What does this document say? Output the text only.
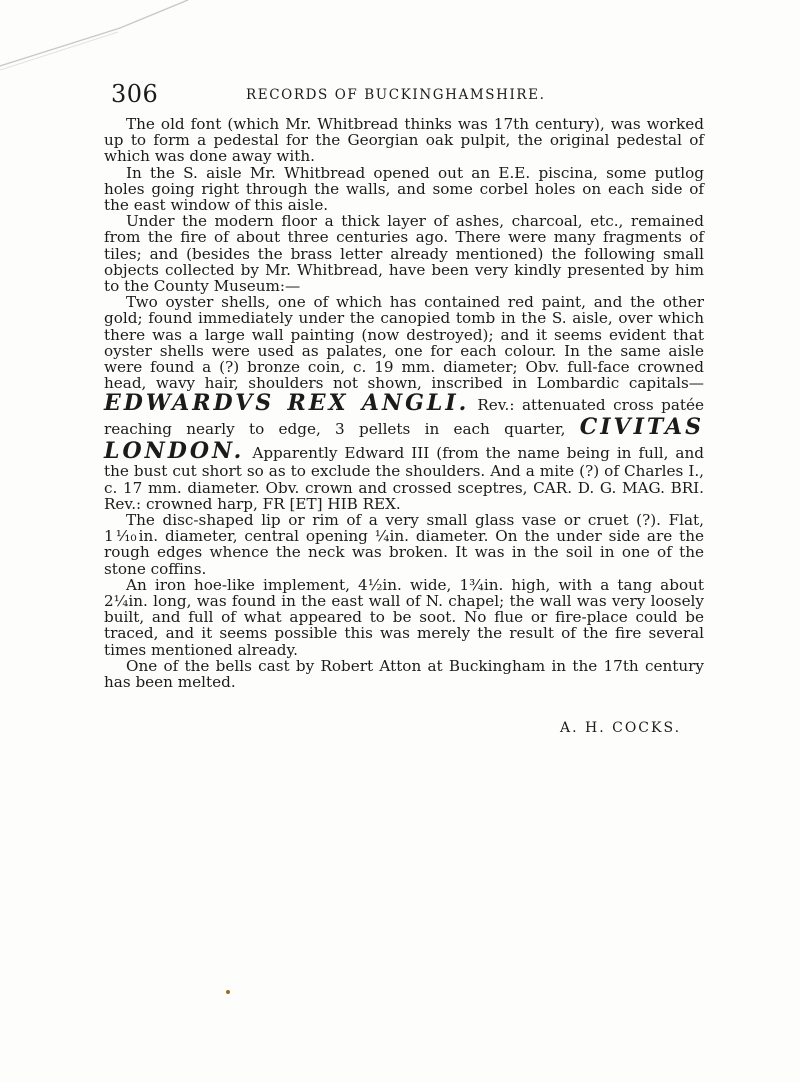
306	RECORDS OF BUCKINGHAMSHIRE.

The old font (which Mr. Whitbread thinks was 17th century), was worked up to form a pedestal for the Georgian oak pulpit, the original pedestal of which was done away with.

In the S. aisle Mr. Whitbread opened out an E.E. piscina, some putlog holes going right through the walls, and some corbel holes on each side of the east window of this aisle.

Under the modern floor a thick layer of ashes, charcoal, etc., remained from the fire of about three centuries ago. There were many fragments of tiles; and (besides the brass letter already mentioned) the following small objects collected by Mr. Whitbread, have been very kindly presented by him to the County Museum:—

Two oyster shells, one of which has contained red paint, and the other gold; found immediately under the canopied tomb in the S. aisle, over which there was a large wall painting (now destroyed); and it seems evident that oyster shells were used as palates, one for each colour. In the same aisle were found a (?) bronze coin, c. 19 mm. diameter; Obv. full-face crowned head, wavy hair, shoulders not shown, inscribed in Lombardic capitals— EDWARDVS REX ANGLI. Rev.: attenuated cross patée reaching nearly to edge, 3 pellets in each quarter, CIVITAS LONDON. Apparently Edward III (from the name being in full, and the bust cut short so as to exclude the shoulders. And a mite (?) of Charles I., c. 17 mm. diameter. Obv. crown and crossed sceptres, CAR. D. G. MAG. BRI. Rev.: crowned harp, FR [ET] HIB REX.

The disc-shaped lip or rim of a very small glass vase or cruet (?). Flat, 1⅒in. diameter, central opening ¼in. diameter. On the under side are the rough edges whence the neck was broken. It was in the soil in one of the stone coffins.

An iron hoe-like implement, 4½in. wide, 1¾in. high, with a tang about 2¼in. long, was found in the east wall of N. chapel; the wall was very loosely built, and full of what appeared to be soot. No flue or fire-place could be traced, and it seems possible this was merely the result of the fire several times mentioned already.

One of the bells cast by Robert Atton at Buckingham in the 17th century has been melted.

A. H. COCKS.
